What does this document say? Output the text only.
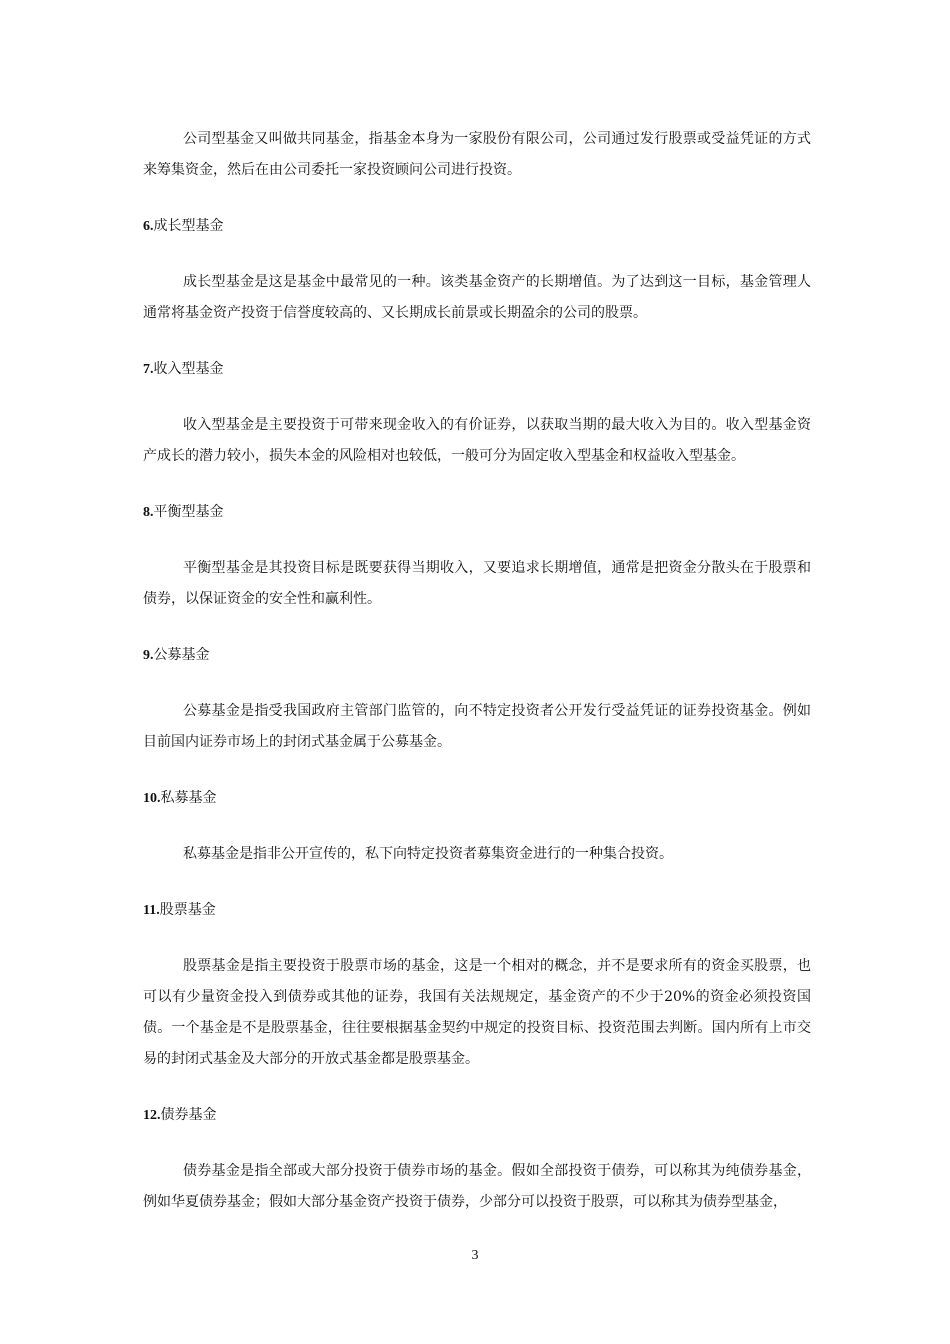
公司型基金又叫做共同基金，指基金本身为一家股份有限公司，公司通过发行股票或受益凭证的方式来筹集资金，然后在由公司委托一家投资顾问公司进行投资。

6.成长型基金

成长型基金是这是基金中最常见的一种。该类基金资产的长期增值。为了达到这一目标，基金管理人通常将基金资产投资于信誉度较高的、又长期成长前景或长期盈余的公司的股票。

7.收入型基金

收入型基金是主要投资于可带来现金收入的有价证券，以获取当期的最大收入为目的。收入型基金资产成长的潜力较小，损失本金的风险相对也较低，一般可分为固定收入型基金和权益收入型基金。

8.平衡型基金

平衡型基金是其投资目标是既要获得当期收入，又要追求长期增值，通常是把资金分散头在于股票和债券，以保证资金的安全性和赢利性。

9.公募基金

公募基金是指受我国政府主管部门监管的，向不特定投资者公开发行受益凭证的证券投资基金。例如目前国内证券市场上的封闭式基金属于公募基金。

10.私募基金

私募基金是指非公开宣传的，私下向特定投资者募集资金进行的一种集合投资。

11.股票基金

股票基金是指主要投资于股票市场的基金，这是一个相对的概念，并不是要求所有的资金买股票，也可以有少量资金投入到债券或其他的证券，我国有关法规规定，基金资产的不少于20%的资金必须投资国债。一个基金是不是股票基金，往往要根据基金契约中规定的投资目标、投资范围去判断。国内所有上市交易的封闭式基金及大部分的开放式基金都是股票基金。

12.债券基金

债券基金是指全部或大部分投资于债券市场的基金。假如全部投资于债券，可以称其为纯债券基金，例如华夏债券基金；假如大部分基金资产投资于债券，少部分可以投资于股票，可以称其为债券型基金，

3
